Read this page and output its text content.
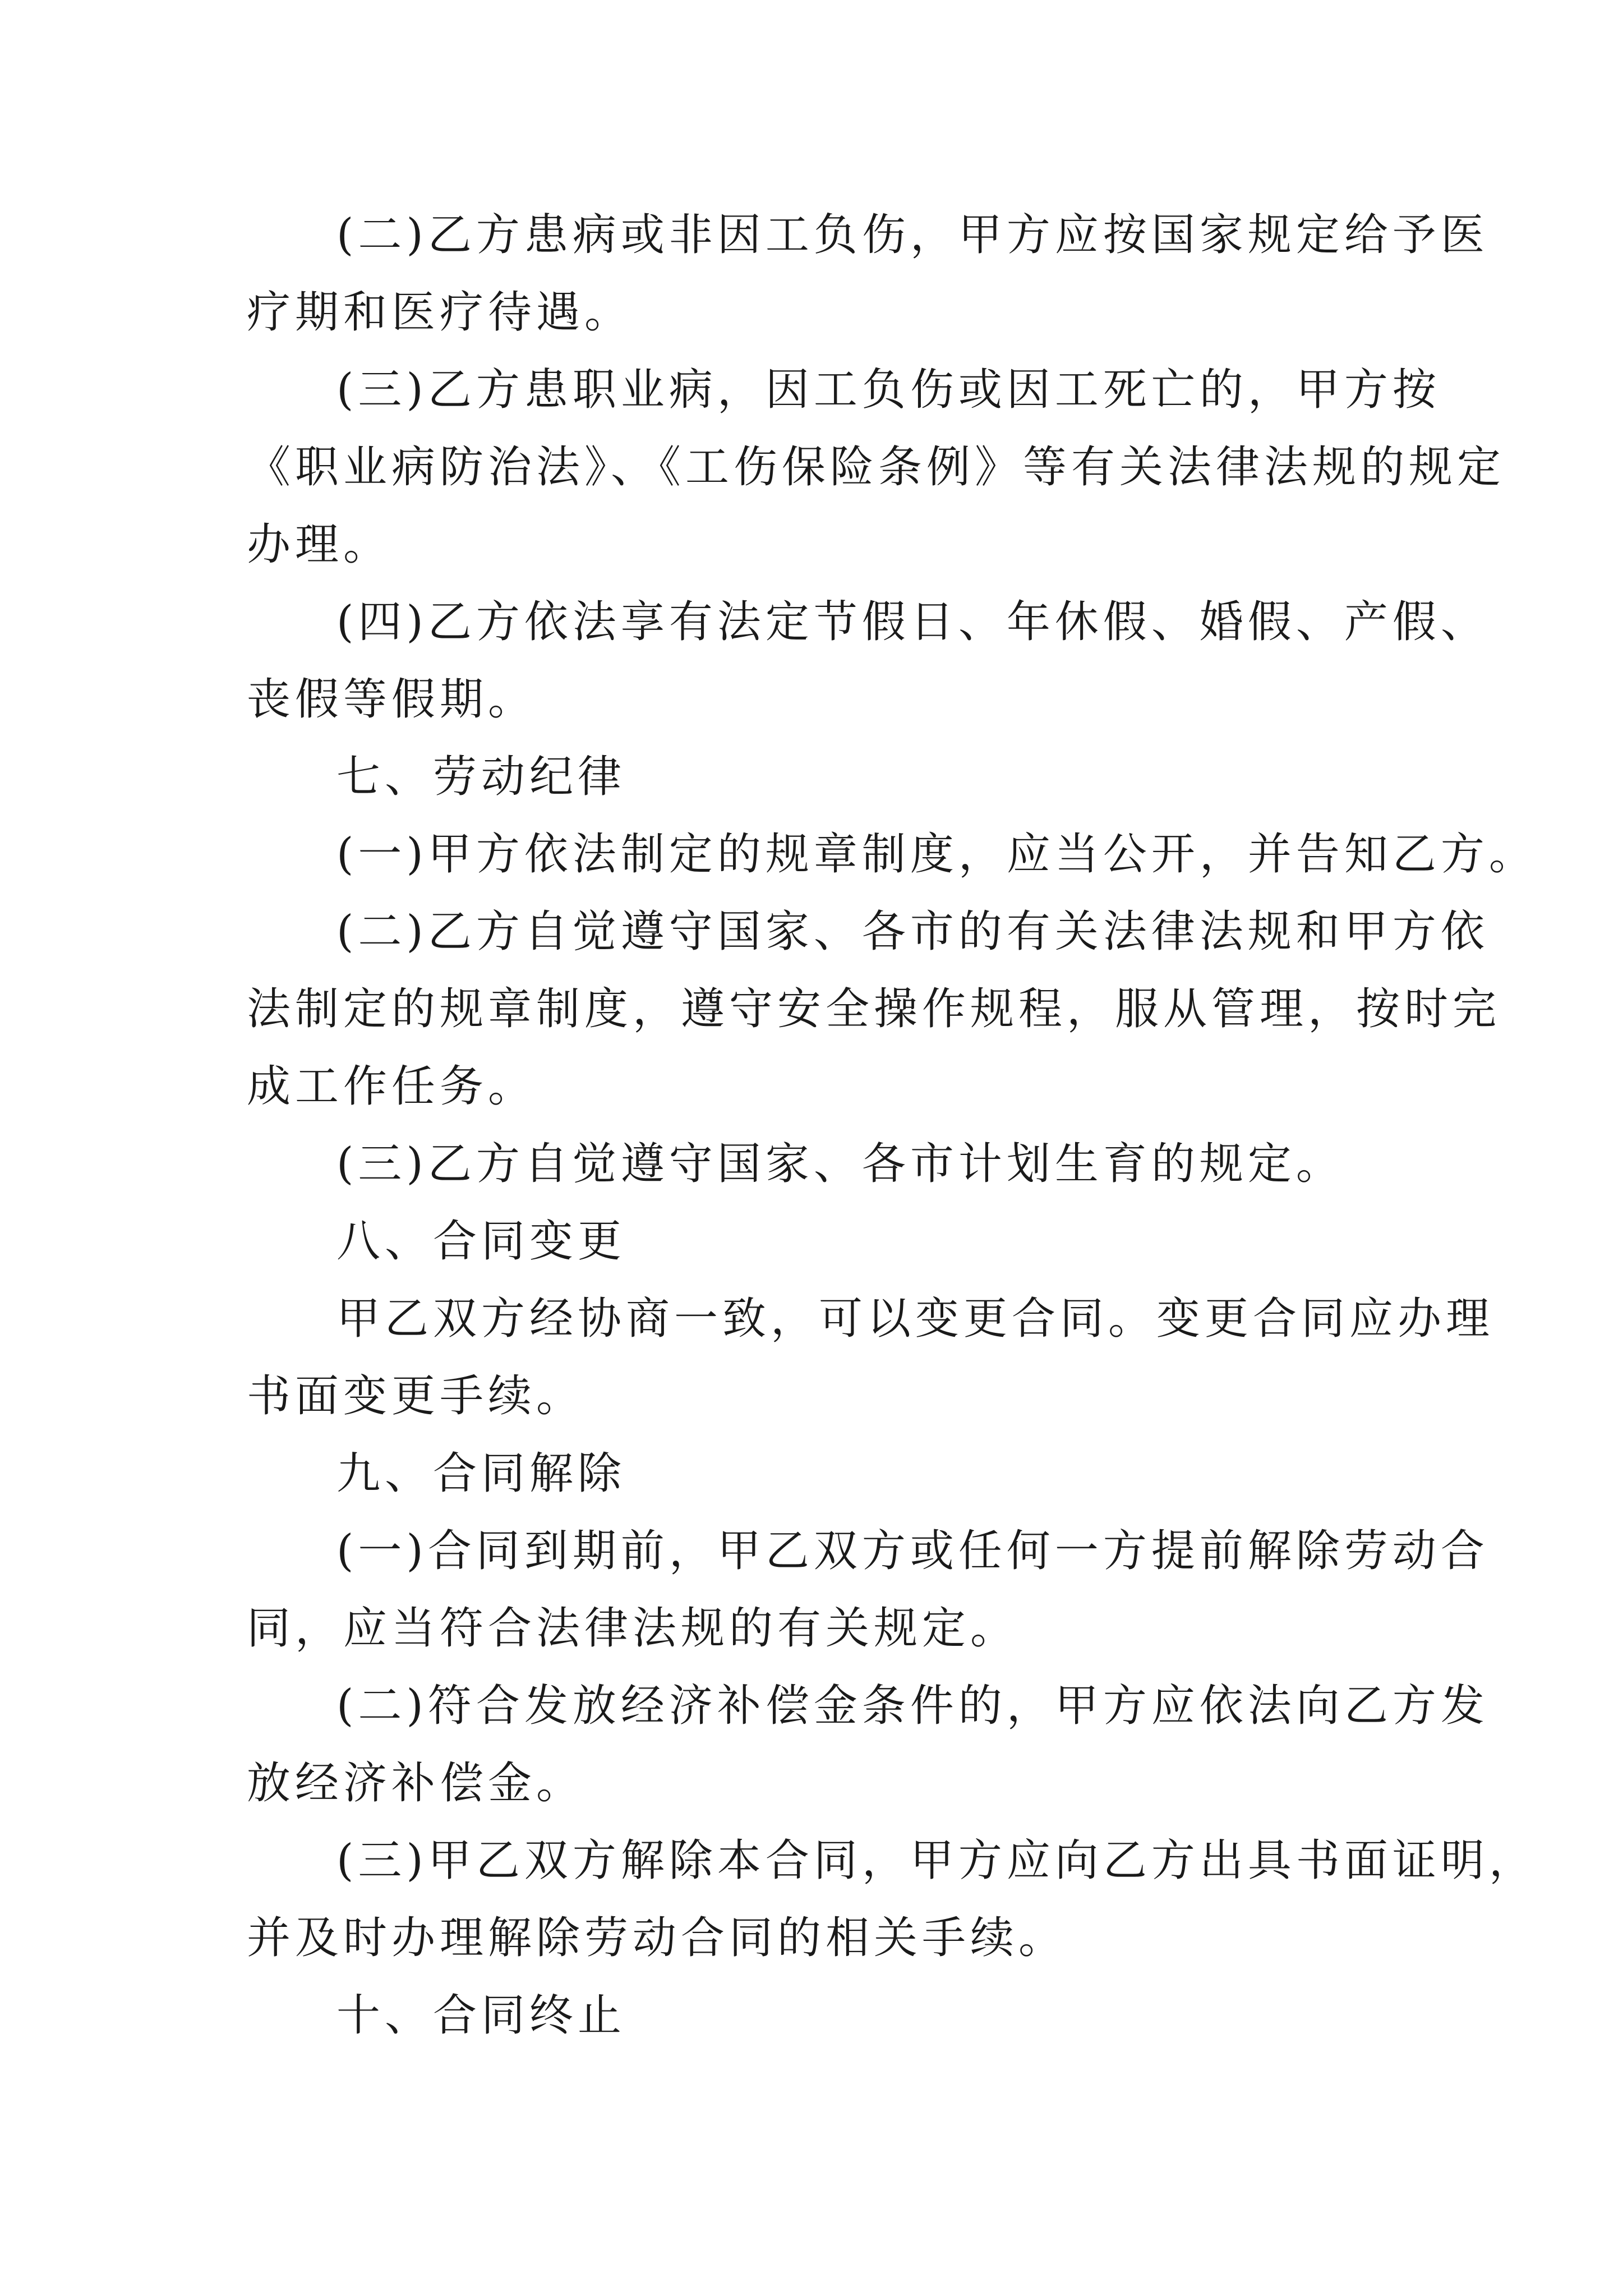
(二)乙方患病或非因工负伤，甲方应按国家规定给予医
疗期和医疗待遇。
(三)乙方患职业病，因工负伤或因工死亡的，甲方按
《职业病防治法》、《工伤保险条例》等有关法律法规的规定
办理。
(四)乙方依法享有法定节假日、年休假、婚假、产假、
丧假等假期。
七、劳动纪律
(一)甲方依法制定的规章制度，应当公开，并告知乙方。
(二)乙方自觉遵守国家、各市的有关法律法规和甲方依
法制定的规章制度，遵守安全操作规程，服从管理，按时完
成工作任务。
(三)乙方自觉遵守国家、各市计划生育的规定。
八、合同变更
甲乙双方经协商一致，可以变更合同。变更合同应办理
书面变更手续。
九、合同解除
(一)合同到期前，甲乙双方或任何一方提前解除劳动合
同，应当符合法律法规的有关规定。
(二)符合发放经济补偿金条件的，甲方应依法向乙方发
放经济补偿金。
(三)甲乙双方解除本合同，甲方应向乙方出具书面证明，
并及时办理解除劳动合同的相关手续。
十、合同终止
